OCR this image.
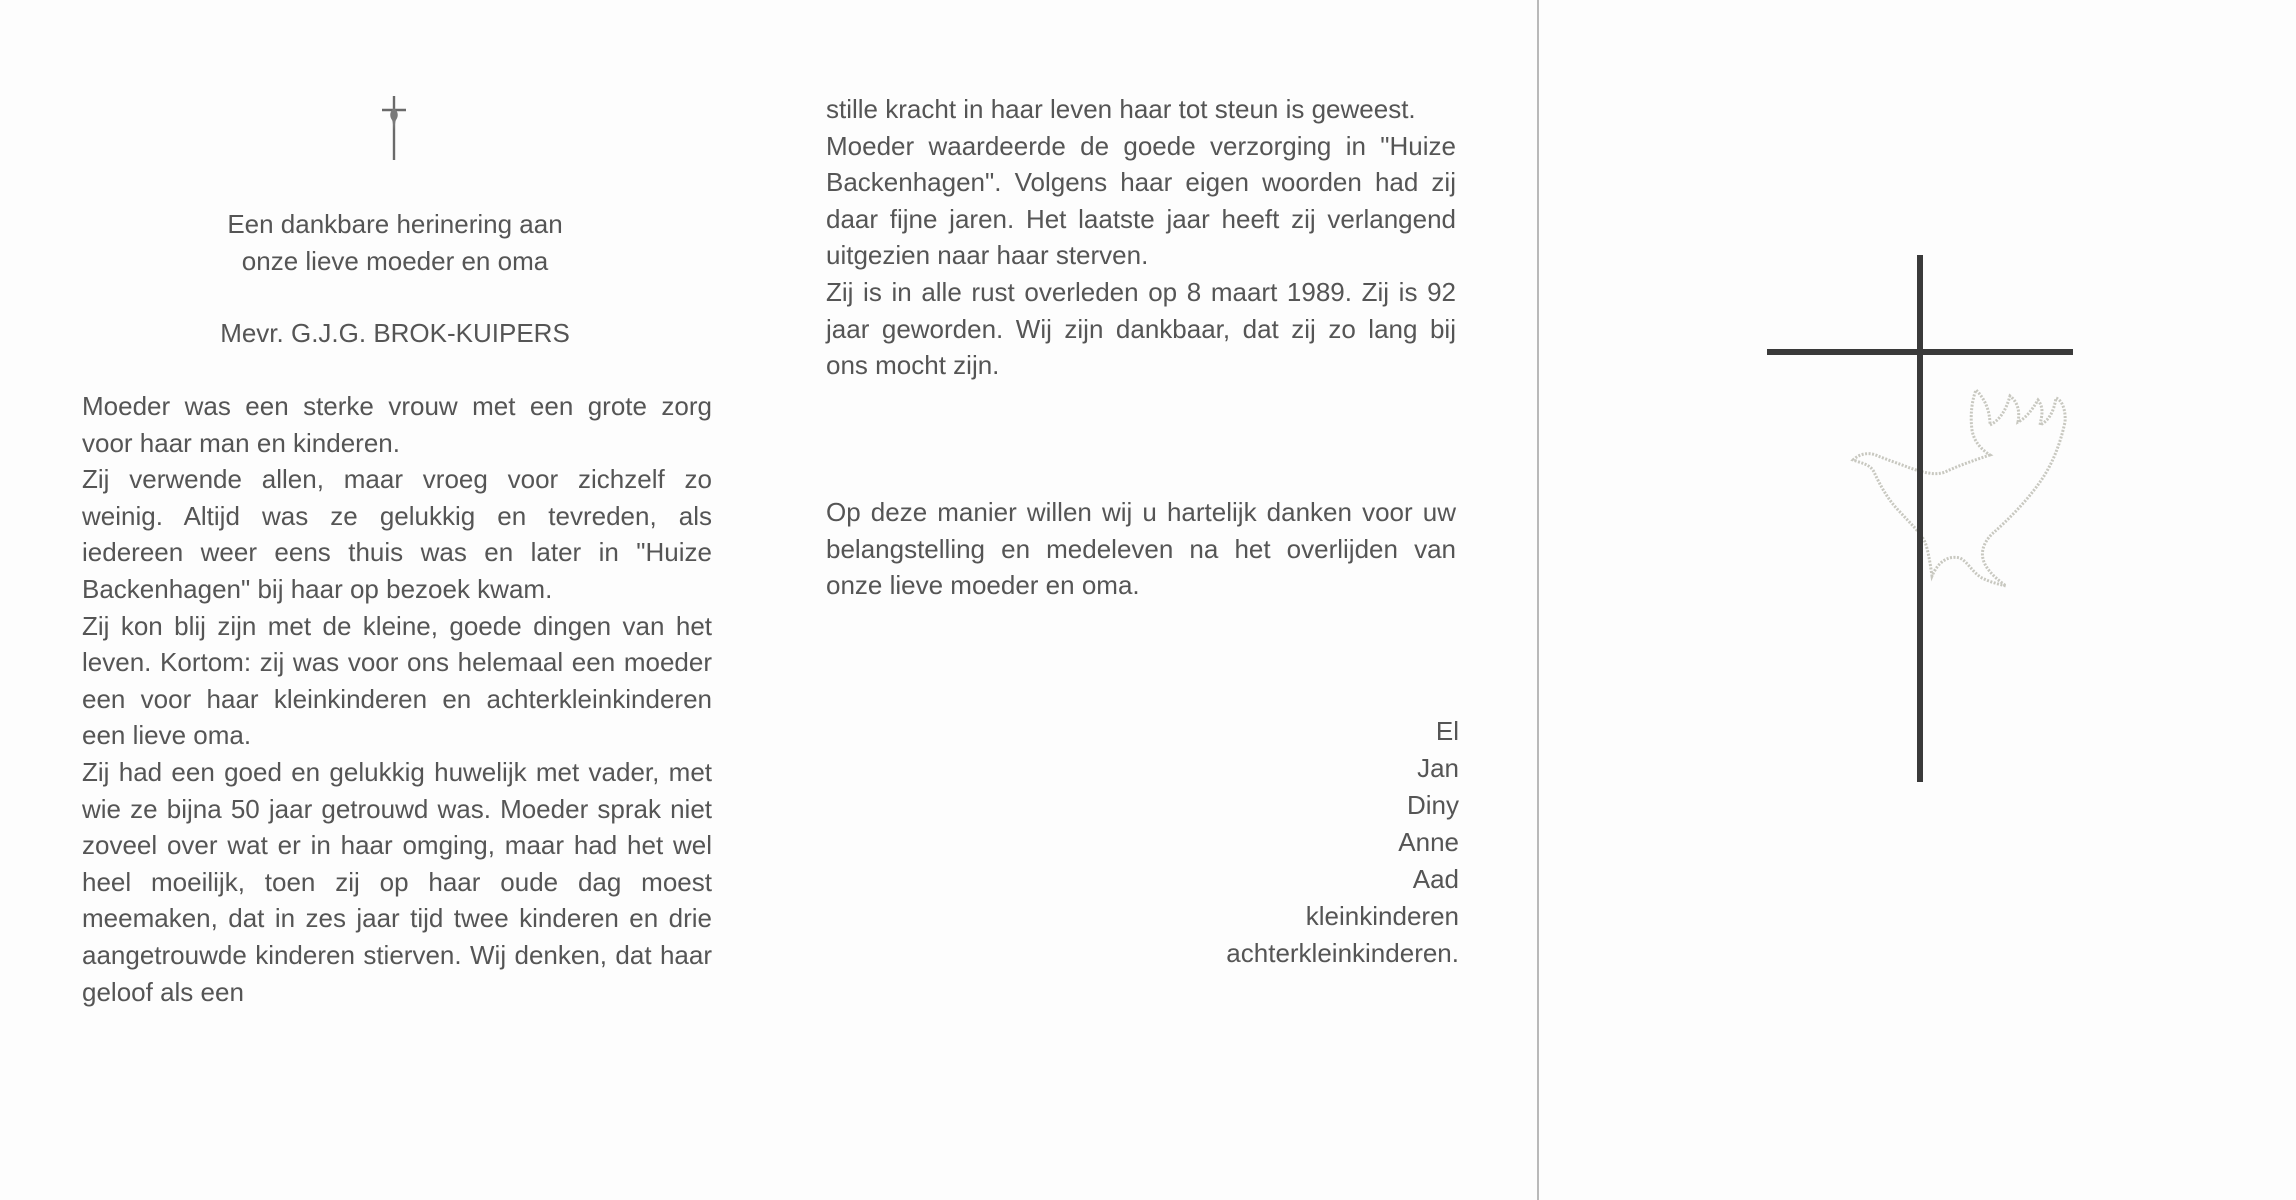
Een dankbare herinering aan
onze lieve moeder en oma
Mevr. G.J.G. BROK-KUIPERS

Moeder was een sterke vrouw met een grote zorg voor haar man en kinderen.

Zij verwende allen, maar vroeg voor zichzelf zo weinig. Altijd was ze gelukkig en tevreden, als iedereen weer eens thuis was en later in "Huize Backenhagen" bij haar op bezoek kwam.

Zij kon blij zijn met de kleine, goede dingen van het leven. Kortom: zij was voor ons helemaal een moeder een voor haar kleinkinderen en achterkleinkinderen een lieve oma.

Zij had een goed en gelukkig huwelijk met vader, met wie ze bijna 50 jaar getrouwd was. Moeder sprak niet zoveel over wat er in haar omging, maar had het wel heel moeilijk, toen zij op haar oude dag moest meemaken, dat in zes jaar tijd twee kinderen en drie aangetrouwde kinderen stierven. Wij denken, dat haar geloof als een

stille kracht in haar leven haar tot steun is geweest.

Moeder waardeerde de goede verzorging in "Huize Backenhagen". Volgens haar eigen woorden had zij daar fijne jaren. Het laatste jaar heeft zij verlangend uitgezien naar haar sterven.

Zij is in alle rust overleden op 8 maart 1989. Zij is 92 jaar geworden. Wij zijn dankbaar, dat zij zo lang bij ons mocht zijn.

Op deze manier willen wij u hartelijk danken voor uw belangstelling en medeleven na het overlijden van onze lieve moeder en oma.

El
Jan
Diny
Anne
Aad
kleinkinderen
achterkleinkinderen.
